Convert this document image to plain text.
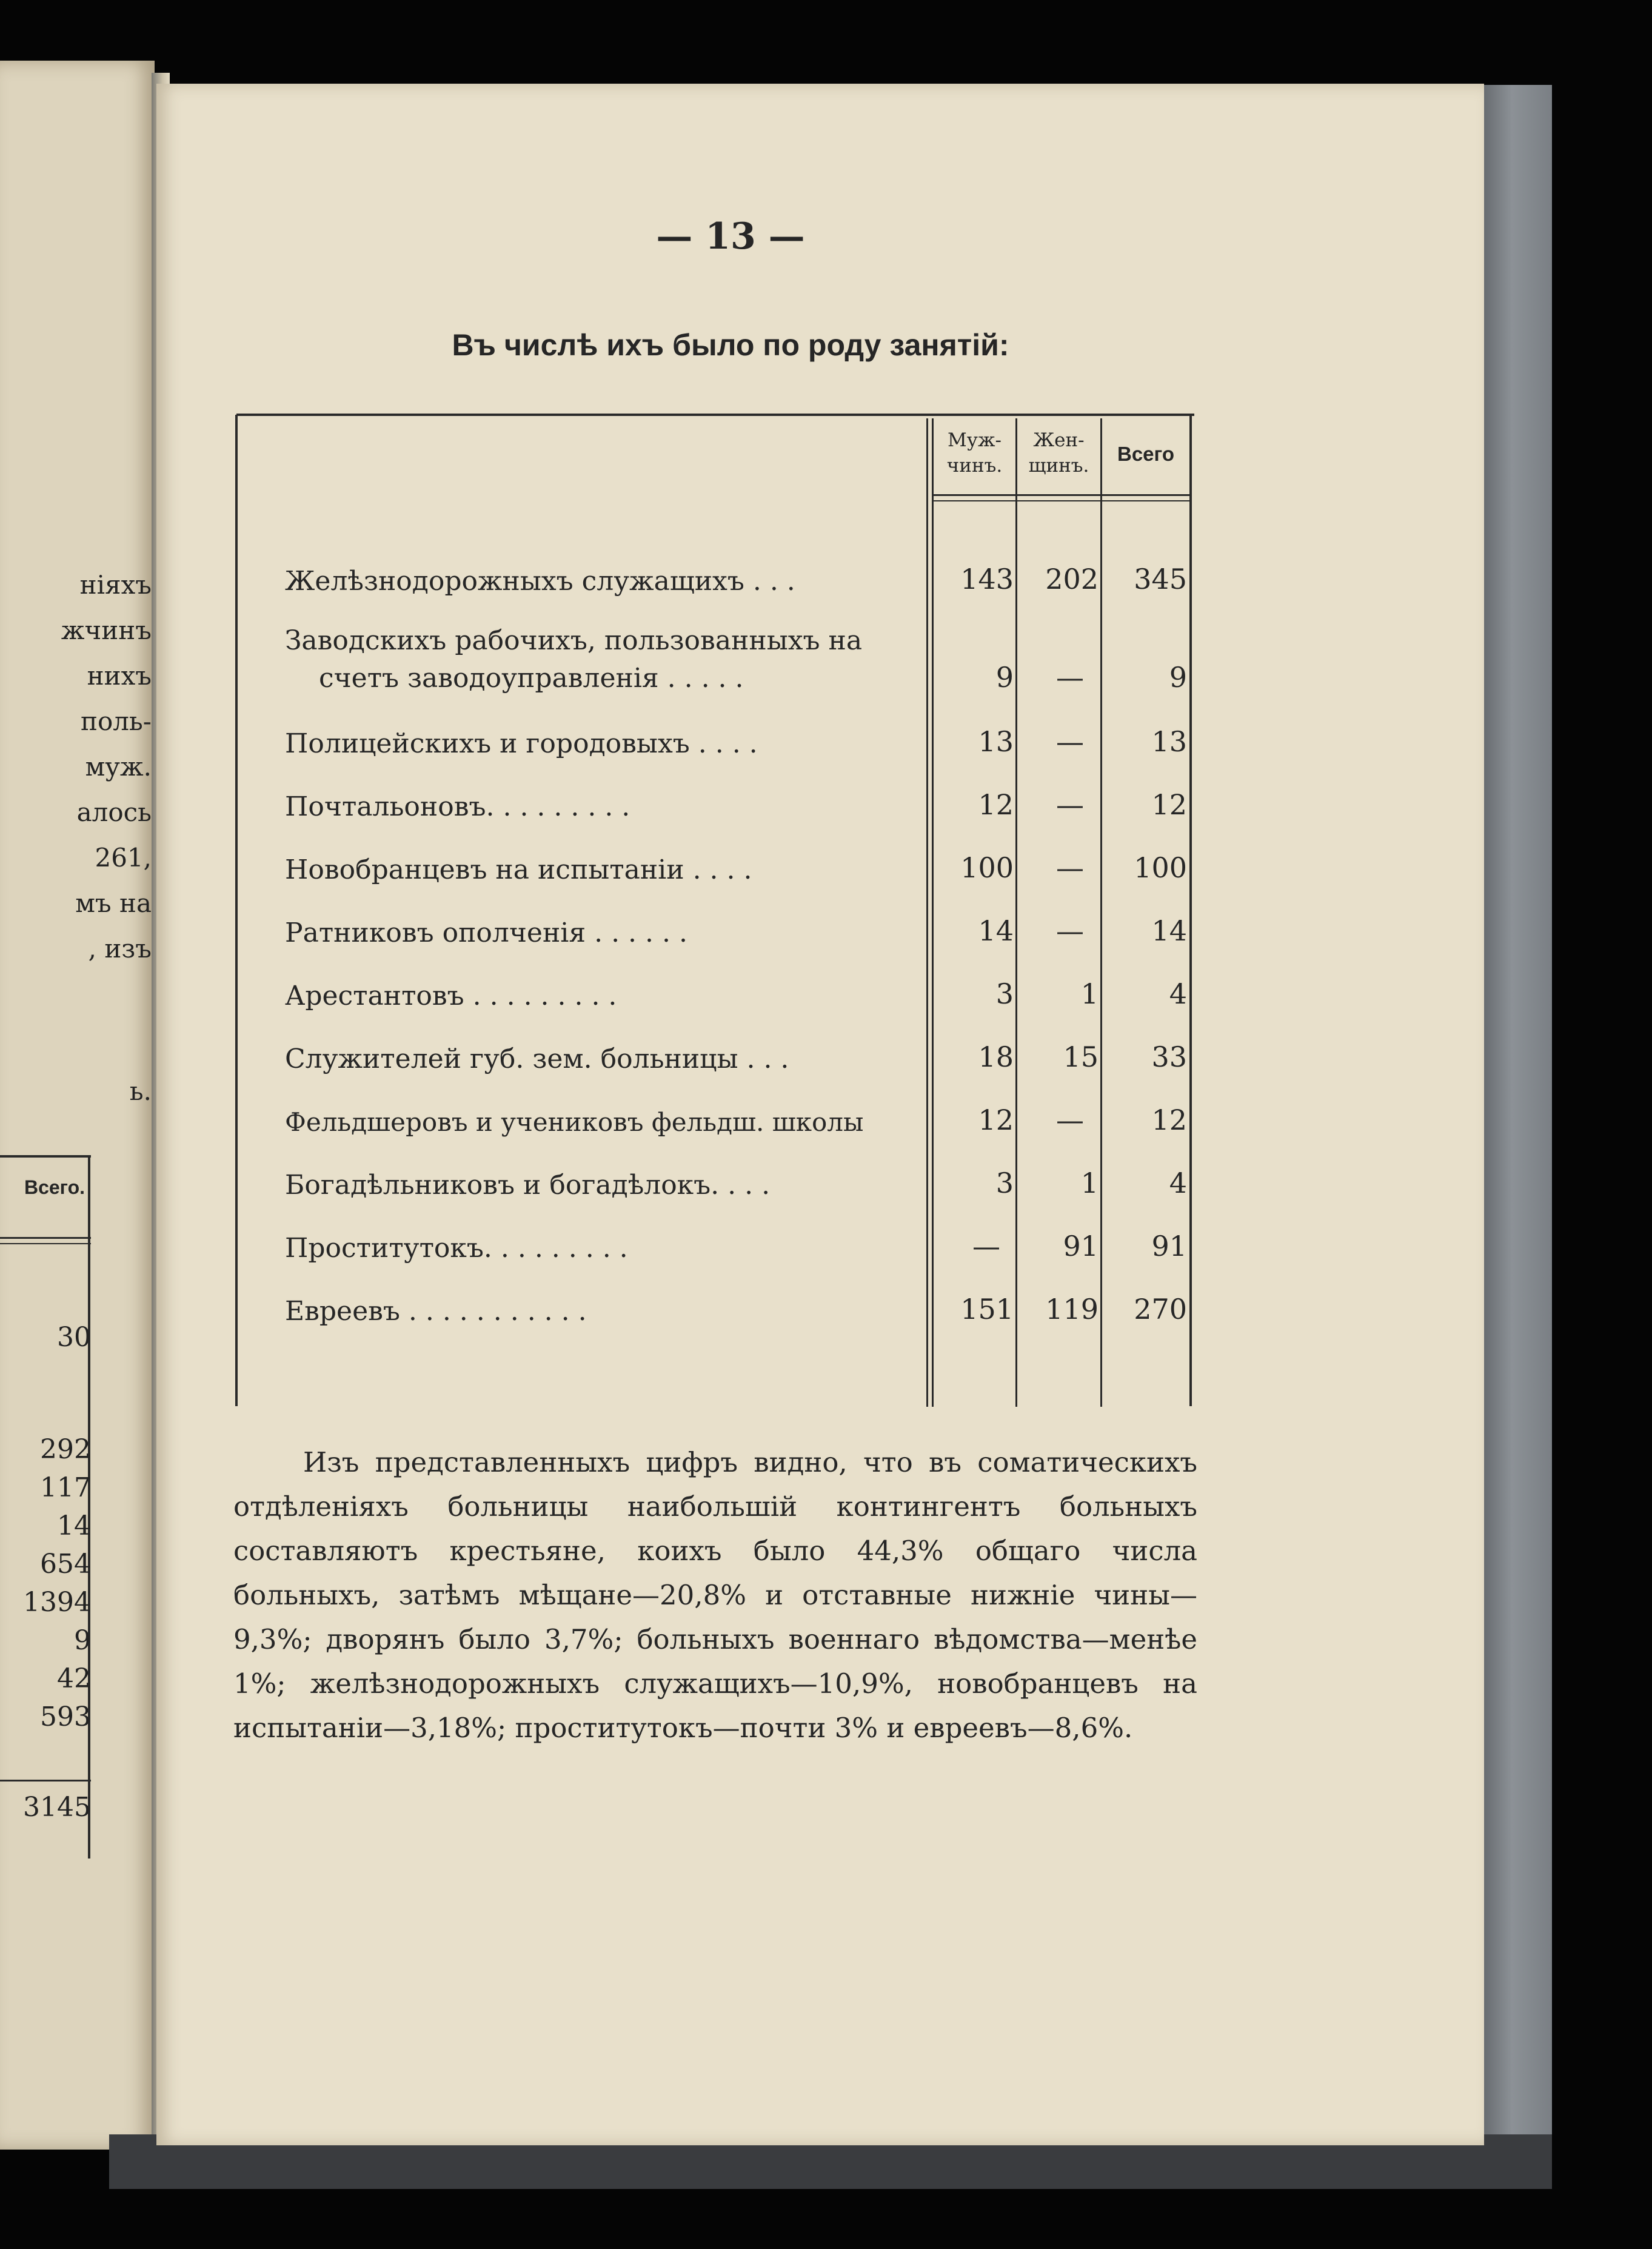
ніяхъ
жчинъ
нихъ
поль-
муж.
алось
261,
мъ на
, изъ
ь.
Всего.
30
292
117
14
654
1394
9
42
593
3145
— 13 —
Въ числѣ ихъ было по роду занятій:
Муж-
чинъ.
Жен-
щинъ.
Всего
Желѣзнодорожныхъ служащихъ . . .	143	202	345
Заводскихъ рабочихъ, пользованныхъ на
счетъ заводоуправленія . . . . .	9	—	9
Полицейскихъ и городовыхъ . . . .	13	—	13
Почтальоновъ. . . . . . . . .	12	—	12
Новобранцевъ на испытаніи . . . .	100	—	100
Ратниковъ ополченія . . . . . .	14	—	14
Арестантовъ . . . . . . . . .	3	1	4
Служителей губ. зем. больницы . . .	18	15	33
Фельдшеровъ и учениковъ фельдш. школы	12	—	12
Богадѣльниковъ и богадѣлокъ. . . .	3	1	4
Проститутокъ. . . . . . . . .	—	91	91
Евреевъ . . . . . . . . . . .	151	119	270
Изъ представленныхъ цифръ видно, что въ соматическихъ отдѣленіяхъ больницы наибольшій контингентъ больныхъ составляютъ крестьяне, коихъ было 44,3% общаго числа больныхъ, затѣмъ мѣщане—20,8% и отставные нижніе чины—9,3%; дворянъ было 3,7%; больныхъ военнаго вѣдомства—менѣе 1%; желѣзнодорожныхъ служащихъ—10,9%, новобранцевъ на испытаніи—3,18%; проститутокъ—почти 3% и евреевъ—8,6%.
